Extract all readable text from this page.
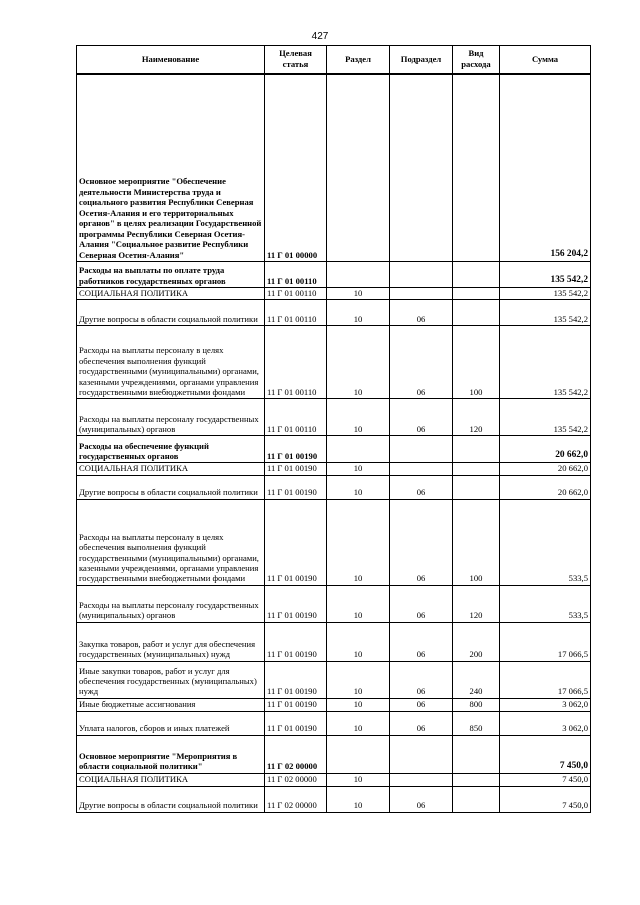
427
Наименование	Целевая статья	Раздел	Подраздел	Вид расхода	Сумма
Основное мероприятие "Обеспечение деятельности Министерства труда и социального развития Республики Северная Осетия-Алания и его территориальных органов" в целях реализации Государственной программы Республики Северная Осетия-Алания "Социальное развитие Республики Северная Осетия-Алания"	11 Г 01 00000				156 204,2
Расходы на выплаты по оплате труда работников государственных органов	11 Г 01 00110				135 542,2
СОЦИАЛЬНАЯ ПОЛИТИКА	11 Г 01 00110	10			135 542,2
Другие вопросы в области социальной политики	11 Г 01 00110	10	06		135 542,2
Расходы на выплаты персоналу в целях обеспечения выполнения функций государственными (муниципальными) органами, казенными учреждениями, органами управления государственными внебюджетными фондами	11 Г 01 00110	10	06	100	135 542,2
Расходы на выплаты персоналу государственных (муниципальных) органов	11 Г 01 00110	10	06	120	135 542,2
Расходы на обеспечение функций государственных органов	11 Г 01 00190				20 662,0
СОЦИАЛЬНАЯ ПОЛИТИКА	11 Г 01 00190	10			20 662,0
Другие вопросы в области социальной политики	11 Г 01 00190	10	06		20 662,0
Расходы на выплаты персоналу в целях обеспечения выполнения функций государственными (муниципальными) органами, казенными учреждениями, органами управления государственными внебюджетными фондами	11 Г 01 00190	10	06	100	533,5
Расходы на выплаты персоналу государственных (муниципальных) органов	11 Г 01 00190	10	06	120	533,5
Закупка товаров, работ и услуг для обеспечения государственных (муниципальных) нужд	11 Г 01 00190	10	06	200	17 066,5
Иные закупки товаров, работ и услуг для обеспечения государственных (муниципальных) нужд	11 Г 01 00190	10	06	240	17 066,5
Иные бюджетные ассигнования	11 Г 01 00190	10	06	800	3 062,0
Уплата налогов, сборов и иных платежей	11 Г 01 00190	10	06	850	3 062,0
Основное мероприятие "Мероприятия в области социальной политики"	11 Г 02 00000				7 450,0
СОЦИАЛЬНАЯ ПОЛИТИКА	11 Г 02 00000	10			7 450,0
Другие вопросы в области социальной политики	11 Г 02 00000	10	06		7 450,0
